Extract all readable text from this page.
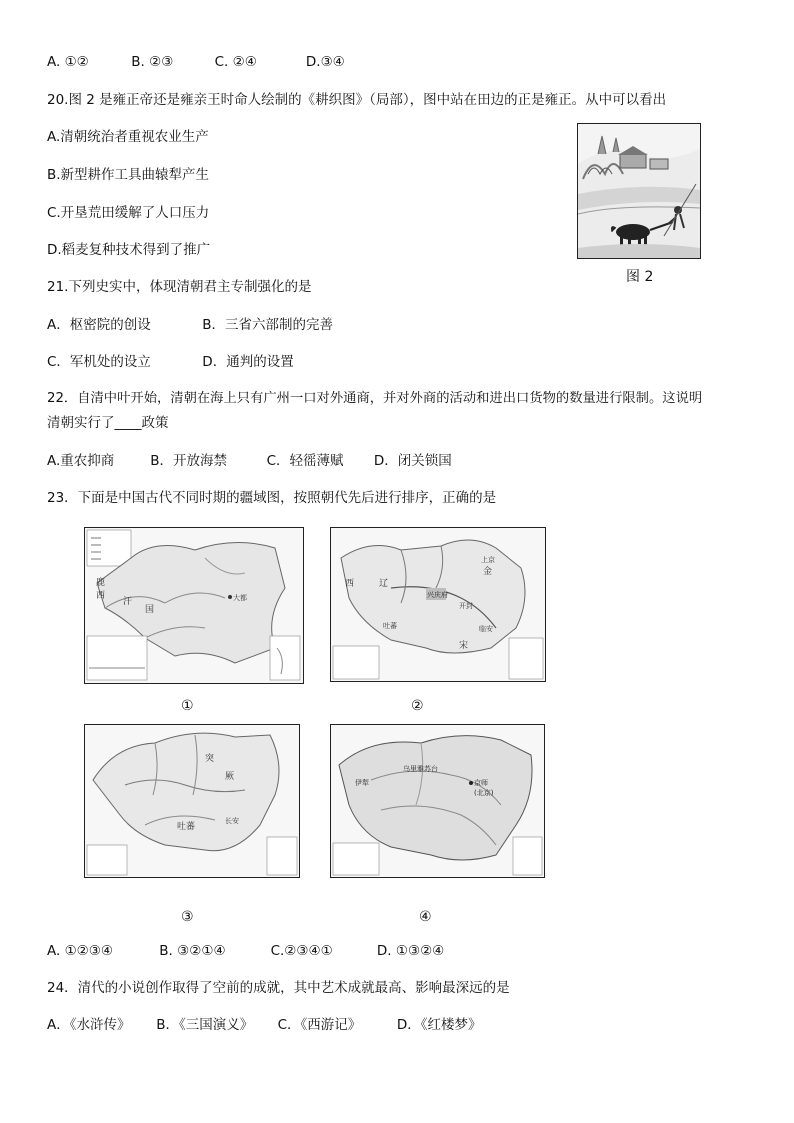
A. ①②	B. ②③	C. ②④	D.③④
20.图 2 是雍正帝还是雍亲王时命人绘制的《耕织图》（局部），图中站在田边的正是雍正。从中可以看出
A.清朝统治者重视农业生产
B.新型耕作工具曲辕犁产生
C.开垦荒田缓解了人口压力
D.稻麦复种技术得到了推广
图 2
21.下列史实中，体现清朝君主专制强化的是
A．枢密院的创设	B．三省六部制的完善
C．军机处的设立	D．通判的设置
22．自清中叶开始，清朝在海上只有广州一口对外通商，并对外商的活动和进出口货物的数量进行限制。这说明
清朝实行了____政策
A.重农抑商	B．开放海禁	C．轻徭薄赋 D．闭关锁国
23．下面是中国古代不同时期的疆域图，按照朝代先后进行排序，正确的是
鹿
西
汗
国
大都
①
西	辽
兴庆府
上京
金
开封
临安
吐蕃
宋
②
突
厥
长安
吐蕃
③
乌里雅苏台
伊犁	京师
(北京)
④
A. ①②③④	B. ③②①④	C.②③④①	D. ①③②④
24．清代的小说创作取得了空前的成就，其中艺术成就最高、影响最深远的是
A．《水浒传》 B．《三国演义》 C．《西游记》	D．《红楼梦》
